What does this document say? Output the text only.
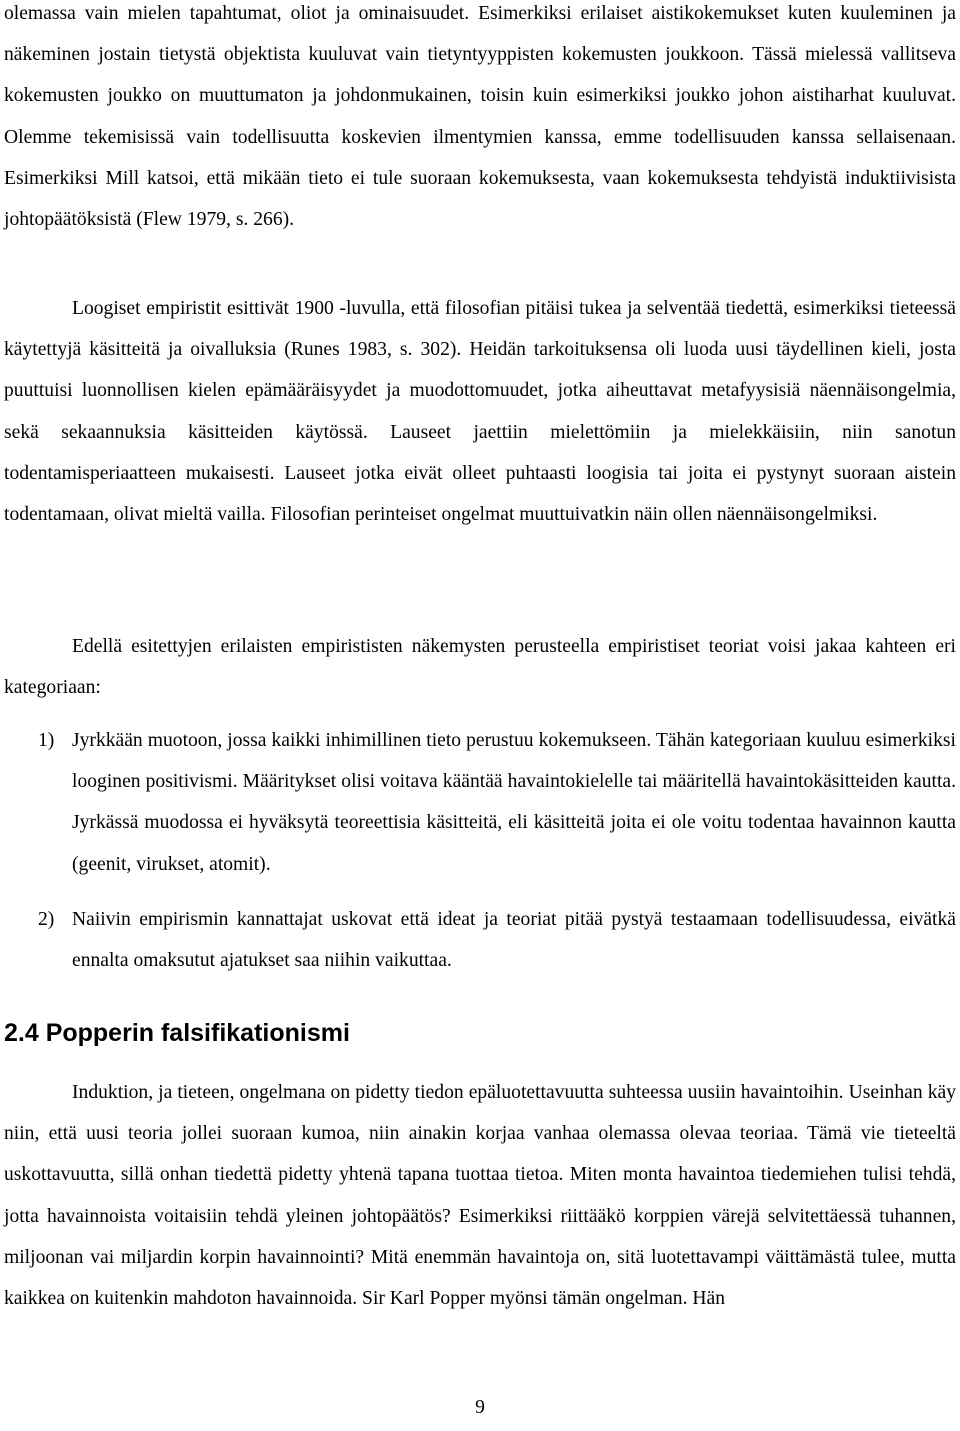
olemassa vain mielen tapahtumat, oliot ja ominaisuudet. Esimerkiksi erilaiset aistikokemukset kuten kuuleminen ja näkeminen jostain tietystä objektista kuuluvat vain tietyntyyppisten kokemusten joukkoon. Tässä mielessä vallitseva kokemusten joukko on muuttumaton ja johdonmukainen, toisin kuin esimerkiksi joukko johon aistiharhat kuuluvat. Olemme tekemisissä vain todellisuutta koskevien ilmentymien kanssa, emme todellisuuden kanssa sellaisenaan. Esimerkiksi Mill katsoi, että mikään tieto ei tule suoraan kokemuksesta, vaan kokemuksesta tehdyistä induktiivisista johtopäätöksistä (Flew 1979, s. 266).

Loogiset empiristit esittivät 1900 -luvulla, että filosofian pitäisi tukea ja selventää tiedettä, esimerkiksi tieteessä käytettyjä käsitteitä ja oivalluksia (Runes 1983, s. 302). Heidän tarkoituksensa oli luoda uusi täydellinen kieli, josta puuttuisi luonnollisen kielen epämääräisyydet ja muodottomuudet, jotka aiheuttavat metafyysisiä näennäisongelmia, sekä sekaannuksia käsitteiden käytössä. Lauseet jaettiin mielettömiin ja mielekkäisiin, niin sanotun todentamisperiaatteen mukaisesti. Lauseet jotka eivät olleet puhtaasti loogisia tai joita ei pystynyt suoraan aistein todentamaan, olivat mieltä vailla. Filosofian perinteiset ongelmat muuttuivatkin näin ollen näennäisongelmiksi.

Edellä esitettyjen erilaisten empirististen näkemysten perusteella empiristiset teoriat voisi jakaa kahteen eri kategoriaan:

1) Jyrkkään muotoon, jossa kaikki inhimillinen tieto perustuu kokemukseen. Tähän kategoriaan kuuluu esimerkiksi looginen positivismi. Määritykset olisi voitava kääntää havaintokielelle tai määritellä havaintokäsitteiden kautta. Jyrkässä muodossa ei hyväksytä teoreettisia käsitteitä, eli käsitteitä joita ei ole voitu todentaa havainnon kautta (geenit, virukset, atomit).

2) Naiivin empirismin kannattajat uskovat että ideat ja teoriat pitää pystyä testaamaan todellisuudessa, eivätkä ennalta omaksutut ajatukset saa niihin vaikuttaa.

2.4 Popperin falsifikationismi

Induktion, ja tieteen, ongelmana on pidetty tiedon epäluotettavuutta suhteessa uusiin havaintoihin. Useinhan käy niin, että uusi teoria jollei suoraan kumoa, niin ainakin korjaa vanhaa olemassa olevaa teoriaa. Tämä vie tieteeltä uskottavuutta, sillä onhan tiedettä pidetty yhtenä tapana tuottaa tietoa. Miten monta havaintoa tiedemiehen tulisi tehdä, jotta havainnoista voitaisiin tehdä yleinen johtopäätös? Esimerkiksi riittääkö korppien värejä selvitettäessä tuhannen, miljoonan vai miljardin korpin havainnointi? Mitä enemmän havaintoja on, sitä luotettavampi väittämästä tulee, mutta kaikkea on kuitenkin mahdoton havainnoida. Sir Karl Popper myönsi tämän ongelman. Hän

9
